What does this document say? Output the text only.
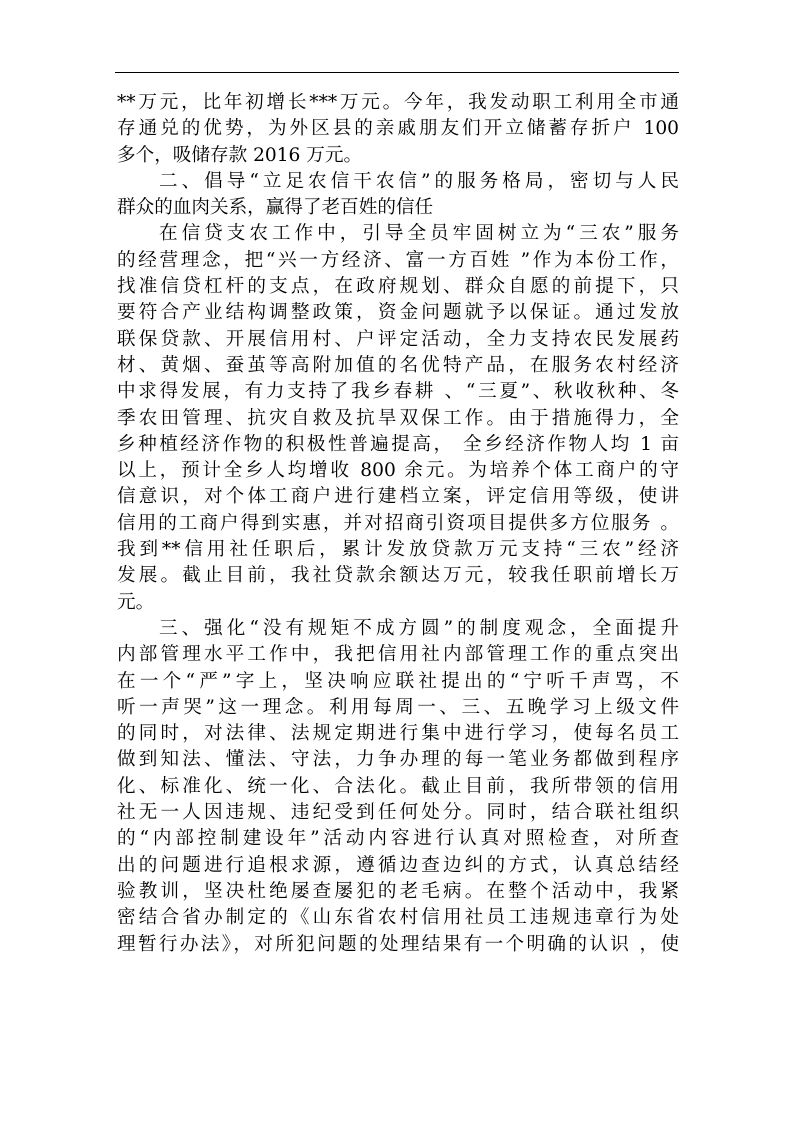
**万元，比年初增长***万元。今年，我发动职工利用全市通
存通兑的优势，为外区县的亲戚朋友们开立储蓄存折户 100
多个，吸储存款 2016 万元。
二、倡导“立足农信干农信”的服务格局，密切与人民
群众的血肉关系，赢得了老百姓的信任
在信贷支农工作中，引导全员牢固树立为“三农”服务
的经营理念，把“兴一方经济、富一方百姓 ”作为本份工作，
找准信贷杠杆的支点，在政府规划、群众自愿的前提下，只
要符合产业结构调整政策，资金问题就予以保证。通过发放
联保贷款、开展信用村、户评定活动，全力支持农民发展药
材、黄烟、蚕茧等高附加值的名优特产品，在服务农村经济
中求得发展，有力支持了我乡春耕 、“三夏”、秋收秋种、冬
季农田管理、抗灾自救及抗旱双保工作。由于措施得力，全
乡种植经济作物的积极性普遍提高， 全乡经济作物人均 1 亩
以上，预计全乡人均增收 800 余元。为培养个体工商户的守
信意识，对个体工商户进行建档立案，评定信用等级，使讲
信用的工商户得到实惠，并对招商引资项目提供多方位服务 。
我到**信用社任职后，累计发放贷款万元支持“三农”经济
发展。截止目前，我社贷款余额达万元，较我任职前增长万
元。
三、强化“没有规矩不成方圆”的制度观念，全面提升
内部管理水平工作中，我把信用社内部管理工作的重点突出
在一个“严”字上，坚决响应联社提出的“宁听千声骂，不
听一声哭”这一理念。利用每周一、三、五晚学习上级文件
的同时，对法律、法规定期进行集中进行学习，使每名员工
做到知法、懂法、守法，力争办理的每一笔业务都做到程序
化、标准化、统一化、合法化。截止目前，我所带领的信用
社无一人因违规、违纪受到任何处分。同时，结合联社组织
的“内部控制建设年”活动内容进行认真对照检查，对所查
出的问题进行追根求源，遵循边查边纠的方式，认真总结经
验教训，坚决杜绝屡查屡犯的老毛病。在整个活动中，我紧
密结合省办制定的《山东省农村信用社员工违规违章行为处
理暂行办法》，对所犯问题的处理结果有一个明确的认识 ，使
